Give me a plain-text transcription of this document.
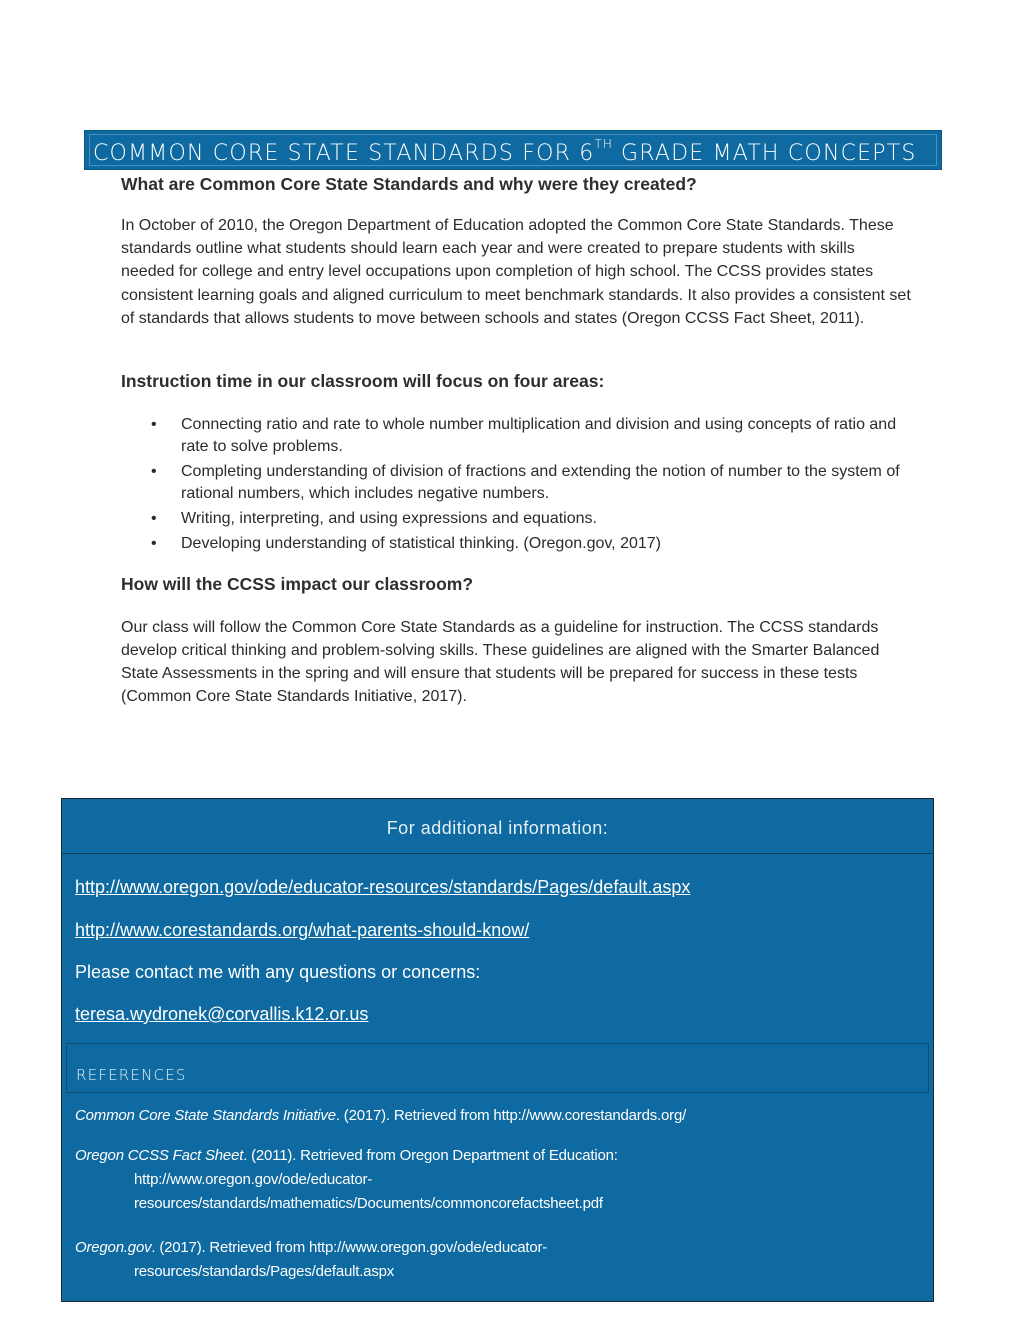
COMMON CORE STATE STANDARDS FOR 6TH GRADE MATH CONCEPTS
What are Common Core State Standards and why were they created?

In October of 2010, the Oregon Department of Education adopted the Common Core State Standards. These standards outline what students should learn each year and were created to prepare students with skills needed for college and entry level occupations upon completion of high school. The CCSS provides states consistent learning goals and aligned curriculum to meet benchmark standards. It also provides a consistent set of standards that allows students to move between schools and states (Oregon CCSS Fact Sheet, 2011).

Instruction time in our classroom will focus on four areas:
• Connecting ratio and rate to whole number multiplication and division and using concepts of ratio and rate to solve problems.
• Completing understanding of division of fractions and extending the notion of number to the system of rational numbers, which includes negative numbers.
• Writing, interpreting, and using expressions and equations.
• Developing understanding of statistical thinking. (Oregon.gov, 2017)
How will the CCSS impact our classroom?

Our class will follow the Common Core State Standards as a guideline for instruction. The CCSS standards develop critical thinking and problem-solving skills. These guidelines are aligned with the Smarter Balanced State Assessments in the spring and will ensure that students will be prepared for success in these tests (Common Core State Standards Initiative, 2017).

For additional information:
http://www.oregon.gov/ode/educator-resources/standards/Pages/default.aspx
http://www.corestandards.org/what-parents-should-know/
Please contact me with any questions or concerns:
teresa.wydronek@corvallis.k12.or.us
REFERENCES
Common Core State Standards Initiative. (2017). Retrieved from http://www.corestandards.org/
Oregon CCSS Fact Sheet. (2011). Retrieved from Oregon Department of Education:
http://www.oregon.gov/ode/educator-
resources/standards/mathematics/Documents/commoncorefactsheet.pdf
Oregon.gov. (2017). Retrieved from http://www.oregon.gov/ode/educator-
resources/standards/Pages/default.aspx
